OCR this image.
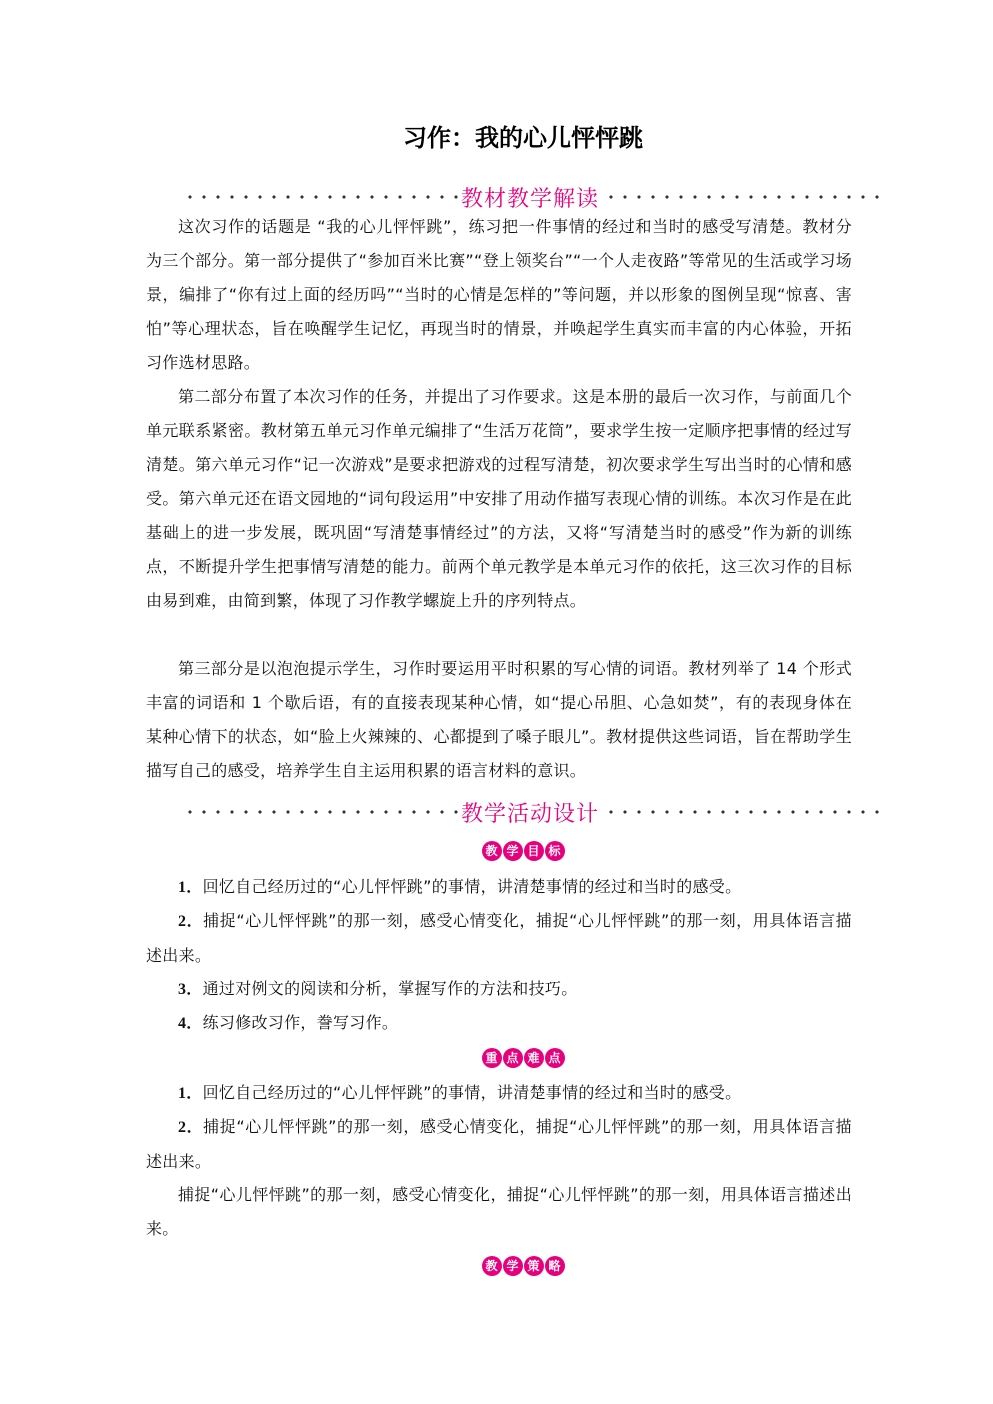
习作：我的心儿怦怦跳
教材教学解读

这次习作的话题是 “我的心儿怦怦跳”，练习把一件事情的经过和当时的感受写清楚。教材分为三个部分。第一部分提供了“参加百米比赛”“登上领奖台”“一个人走夜路”等常见的生活或学习场景，编排了“你有过上面的经历吗”“当时的心情是怎样的”等问题，并以形象的图例呈现“惊喜、害怕”等心理状态，旨在唤醒学生记忆，再现当时的情景，并唤起学生真实而丰富的内心体验，开拓习作选材思路。

第二部分布置了本次习作的任务，并提出了习作要求。这是本册的最后一次习作，与前面几个单元联系紧密。教材第五单元习作单元编排了“生活万花筒”，要求学生按一定顺序把事情的经过写清楚。第六单元习作“记一次游戏”是要求把游戏的过程写清楚，初次要求学生写出当时的心情和感受。第六单元还在语文园地的“词句段运用”中安排了用动作描写表现心情的训练。本次习作是在此基础上的进一步发展，既巩固“写清楚事情经过”的方法，又将“写清楚当时的感受”作为新的训练点，不断提升学生把事情写清楚的能力。前两个单元教学是本单元习作的依托，这三次习作的目标由易到难，由简到繁，体现了习作教学螺旋上升的序列特点。

第三部分是以泡泡提示学生，习作时要运用平时积累的写心情的词语。教材列举了 14 个形式丰富的词语和 1 个歇后语，有的直接表现某种心情，如“提心吊胆、心急如焚”，有的表现身体在某种心情下的状态，如“脸上火辣辣的、心都提到了嗓子眼儿”。教材提供这些词语，旨在帮助学生描写自己的感受，培养学生自主运用积累的语言材料的意识。

教学活动设计
教 学 目 标

1．回忆自己经历过的“心儿怦怦跳”的事情，讲清楚事情的经过和当时的感受。

2．捕捉“心儿怦怦跳”的那一刻，感受心情变化，捕捉“心儿怦怦跳”的那一刻，用具体语言描述出来。

3．通过对例文的阅读和分析，掌握写作的方法和技巧。

4．练习修改习作，誊写习作。

重 点 难 点

1．回忆自己经历过的“心儿怦怦跳”的事情，讲清楚事情的经过和当时的感受。

2．捕捉“心儿怦怦跳”的那一刻，感受心情变化，捕捉“心儿怦怦跳”的那一刻，用具体语言描述出来。

捕捉“心儿怦怦跳”的那一刻，感受心情变化，捕捉“心儿怦怦跳”的那一刻，用具体语言描述出来。

教 学 策 略
